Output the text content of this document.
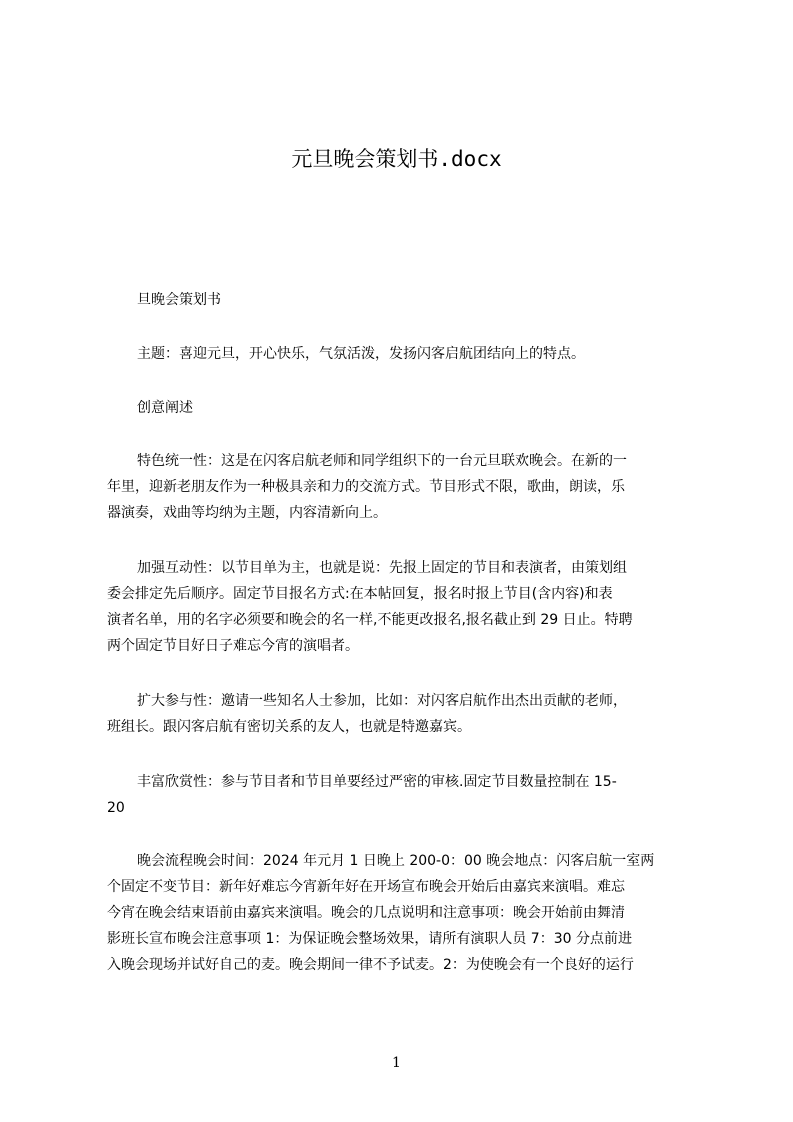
元旦晚会策划书.docx
旦晚会策划书
主题：喜迎元旦，开心快乐，气氛活泼，发扬闪客启航团结向上的特点。
创意阐述
特色统一性：这是在闪客启航老师和同学组织下的一台元旦联欢晚会。在新的一
年里，迎新老朋友作为一种极具亲和力的交流方式。节目形式不限，歌曲，朗读，乐
器演奏，戏曲等均纳为主题，内容清新向上。
加强互动性：以节目单为主，也就是说：先报上固定的节目和表演者，由策划组
委会排定先后顺序。固定节目报名方式:在本帖回复，报名时报上节目(含内容)和表
演者名单，用的名字必须要和晚会的名一样,不能更改报名,报名截止到 29 日止。特聘
两个固定节目好日子难忘今宵的演唱者。
扩大参与性：邀请一些知名人士参加，比如：对闪客启航作出杰出贡献的老师，
班组长。跟闪客启航有密切关系的友人，也就是特邀嘉宾。
丰富欣赏性：参与节目者和节目单要经过严密的审核.固定节目数量控制在 15-
20
晚会流程晚会时间：2024 年元月 1 日晚上 200-0：00 晚会地点：闪客启航一室两
个固定不变节目：新年好难忘今宵新年好在开场宣布晚会开始后由嘉宾来演唱。难忘
今宵在晚会结束语前由嘉宾来演唱。晚会的几点说明和注意事项：晚会开始前由舞清
影班长宣布晚会注意事项 1：为保证晚会整场效果，请所有演职人员 7：30 分点前进
入晚会现场并试好自己的麦。晚会期间一律不予试麦。2：为使晚会有一个良好的运行
1
